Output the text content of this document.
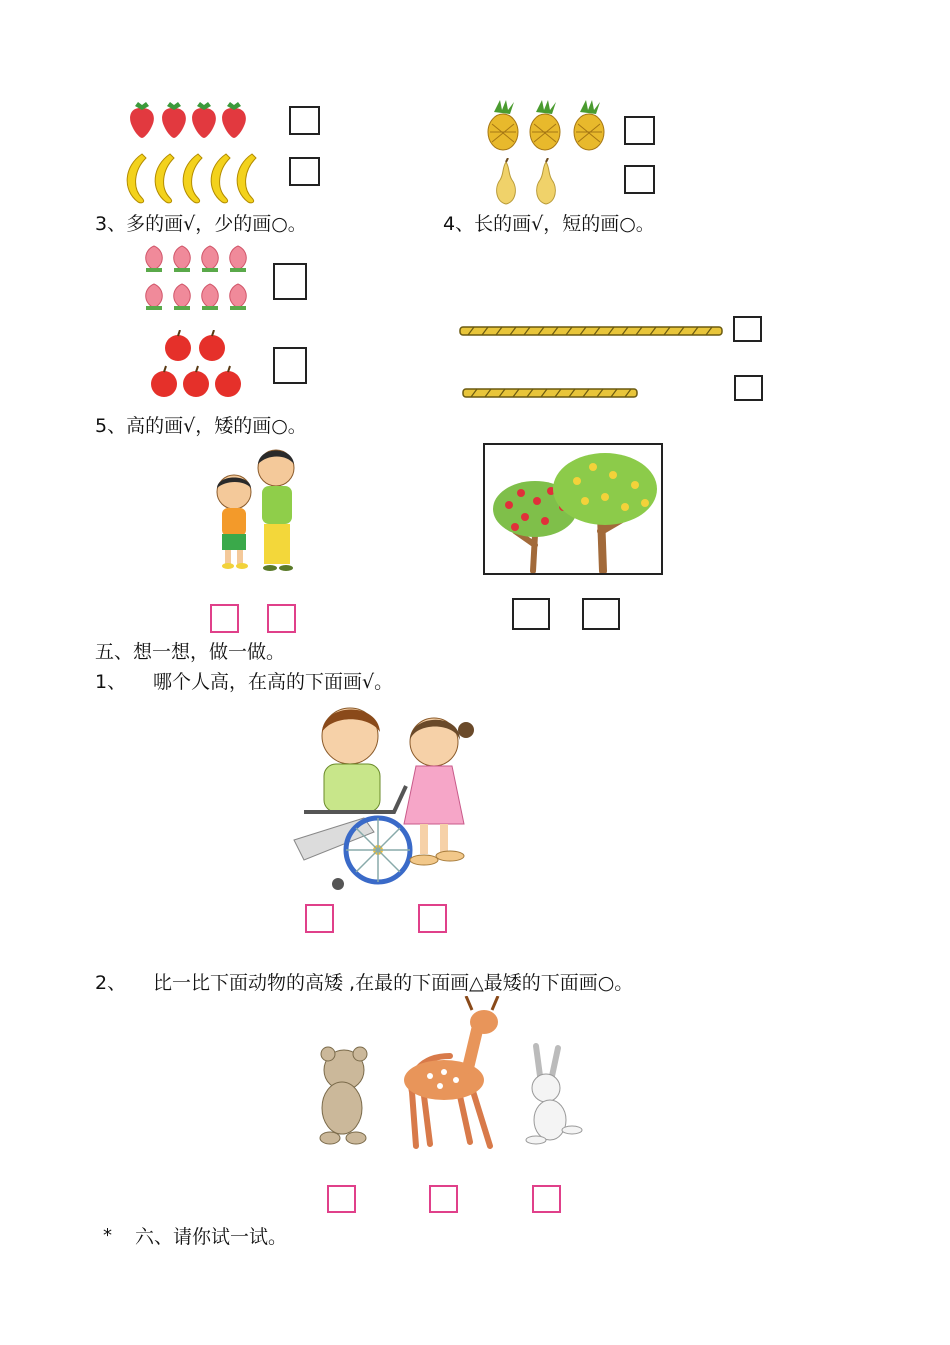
3、多的画√，少的画○。	4、长的画√，短的画○。
5、高的画√，矮的画○。
五、想一想，做一做。
1、 哪个人高，在高的下面画√。
2、 比一比下面动物的高矮 ,在最的下面画△最矮的下面画○。
* 六、请你试一试。
